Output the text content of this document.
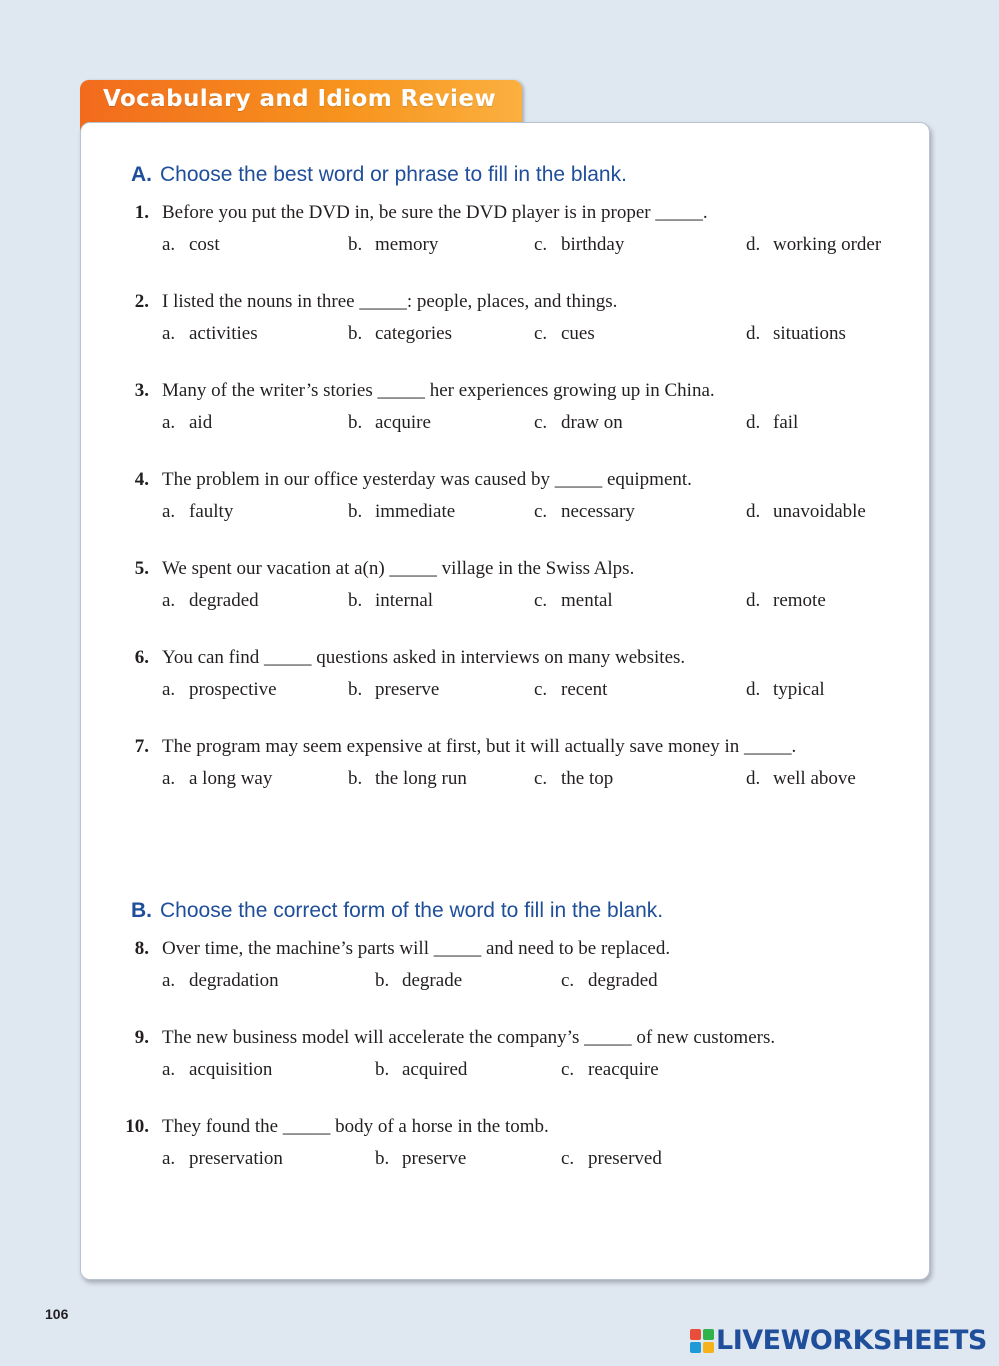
Vocabulary and Idiom Review
A. Choose the best word or phrase to fill in the blank.
1. Before you put the DVD in, be sure the DVD player is in proper _____.
a. cost	b. memory	c. birthday	d. working order
2. I listed the nouns in three _____: people, places, and things.
a. activities	b. categories	c. cues	d. situations
3. Many of the writer’s stories _____ her experiences growing up in China.
a. aid	b. acquire	c. draw on	d. fail
4. The problem in our office yesterday was caused by _____ equipment.
a. faulty	b. immediate	c. necessary	d. unavoidable
5. We spent our vacation at a(n) _____ village in the Swiss Alps.
a. degraded	b. internal	c. mental	d. remote
6. You can find _____ questions asked in interviews on many websites.
a. prospective	b. preserve	c. recent	d. typical
7. The program may seem expensive at first, but it will actually save money in _____.
a. a long way	b. the long run	c. the top	d. well above
B. Choose the correct form of the word to fill in the blank.
8. Over time, the machine’s parts will _____ and need to be replaced.
a. degradation	b. degrade	c. degraded
9. The new business model will accelerate the company’s _____ of new customers.
a. acquisition	b. acquired	c. reacquire
10. They found the _____ body of a horse in the tomb.
a. preservation	b. preserve	c. preserved
106
LIVEWORKSHEETS
